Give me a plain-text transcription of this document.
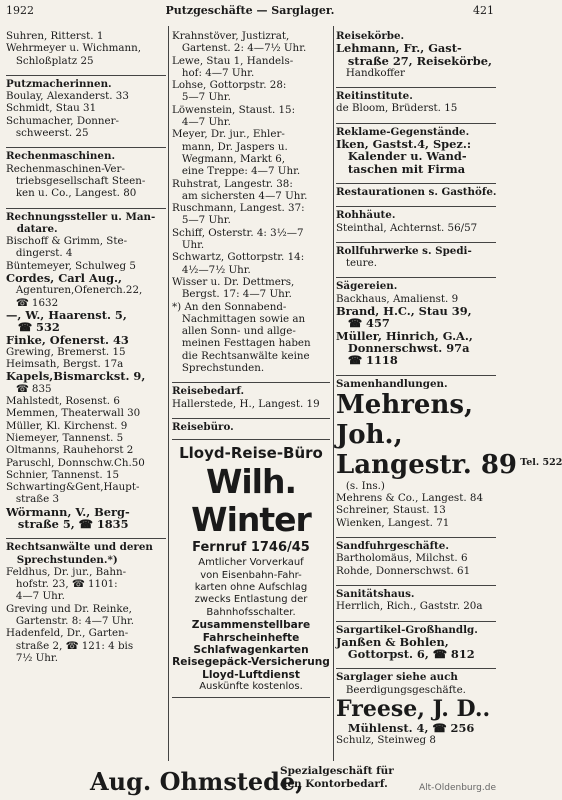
1922	Putzgeschäfte — Sarglager.	421
Suhren, Ritterst. 1
Wehrmeyer u. Wichmann,
Schloßplatz 25
Putzmacherinnen.
Boulay, Alexanderst. 33
Schmidt, Stau 31
Schumacher, Donner-
schweerst. 25
Rechenmaschinen.
Rechenmaschinen-Ver-
triebsgesellschaft Steen-
ken u. Co., Langest. 80
Rechnungssteller u. Man-
datare.
Bischoff & Grimm, Ste-
dingerst. 4
Büntemeyer, Schulweg 5
Cordes, Carl Aug.,
Agenturen,Ofenerch.22,
☎ 1632
—, W., Haarenst. 5,
☎ 532
Finke, Ofenerst. 43
Grewing, Bremerst. 15
Heimsath, Bergst. 17a
Kapels,Bismarckst. 9,
☎ 835
Mahlstedt, Rosenst. 6
Memmen, Theaterwall 30
Müller, Kl. Kirchenst. 9
Niemeyer, Tannenst. 5
Oltmanns, Rauhehorst 2
Paruschl, Donnschw.Ch.50
Schnier, Tannenst. 15
Schwarting&Gent,Haupt-
straße 3
Wörmann, V., Berg-
straße 5, ☎ 1835
Rechtsanwälte und deren
Sprechstunden.*)
Feldhus, Dr. jur., Bahn-
hofstr. 23, ☎ 1101:
4—7 Uhr.
Greving und Dr. Reinke,
Gartenstr. 8: 4—7 Uhr.
Hadenfeld, Dr., Garten-
straße 2, ☎ 121: 4 bis
7½ Uhr.
Krahnstöver, Justizrat,
Gartenst. 2: 4—7½ Uhr.
Lewe, Stau 1, Handels-
hof: 4—7 Uhr.
Lohse, Gottorpstr. 28:
5—7 Uhr.
Löwenstein, Staust. 15:
4—7 Uhr.
Meyer, Dr. jur., Ehler-
mann, Dr. Jaspers u.
Wegmann, Markt 6,
eine Treppe: 4—7 Uhr.
Ruhstrat, Langestr. 38:
am sichersten 4—7 Uhr.
Ruschmann, Langest. 37:
5—7 Uhr.
Schiff, Osterstr. 4: 3½—7
Uhr.
Schwartz, Gottorpstr. 14:
4½—7½ Uhr.
Wisser u. Dr. Dettmers,
Bergst. 17: 4—7 Uhr.
*) An den Sonnabend-
Nachmittagen sowie an
allen Sonn- und allge-
meinen Festtagen haben
die Rechtsanwälte keine
Sprechstunden.
Reisebedarf.
Hallerstede, H., Langest. 19
Reisebüro.
Lloyd-Reise-Büro
Wilh. Winter
Fernruf 1746/45
Amtlicher Vorverkauf
von Eisenbahn-Fahr-
karten ohne Aufschlag
zwecks Entlastung der
Bahnhofsschalter.
Zusammenstellbare
Fahrscheinhefte
Schlafwagenkarten
Reisegepäck-Versicherung
Lloyd-Luftdienst
Auskünfte kostenlos.
Reisekörbe.
Lehmann, Fr., Gast-
straße 27, Reisekörbe,
Handkoffer
Reitinstitute.
de Bloom, Brüderst. 15
Reklame-Gegenstände.
Iken, Gastst.4, Spez.:
Kalender u. Wand-
taschen mit Firma
Restaurationen s. Gasthöfe.
Rohhäute.
Steinthal, Achternst. 56/57
Rollfuhrwerke s. Spedi-
teure.
Sägereien.
Backhaus, Amalienst. 9
Brand, H.C., Stau 39,
☎ 457
Müller, Hinrich, G.A.,
Donnerschwst. 97a
☎ 1118
Samenhandlungen.
Mehrens, Joh.,
Langestr. 89 Tel. 522
(s. Ins.)
Mehrens & Co., Langest. 84
Schreiner, Staust. 13
Wienken, Langest. 71
Sandfuhrgeschäfte.
Bartholomäus, Milchst. 6
Rohde, Donnerschwst. 61
Sanitätshaus.
Herrlich, Rich., Gaststr. 20a
Sargartikel-Großhandlg.
Janßen & Bohlen,
Gottorpst. 6, ☎ 812
Sarglager siehe auch
Beerdigungsgeschäfte.
Freese, J. D..
Mühlenst. 4, ☎ 256
Schulz, Steinweg 8
Aug. Ohmstede,
Spezialgeschäft für
den Kontorbedarf.	Alt-Oldenburg.de
